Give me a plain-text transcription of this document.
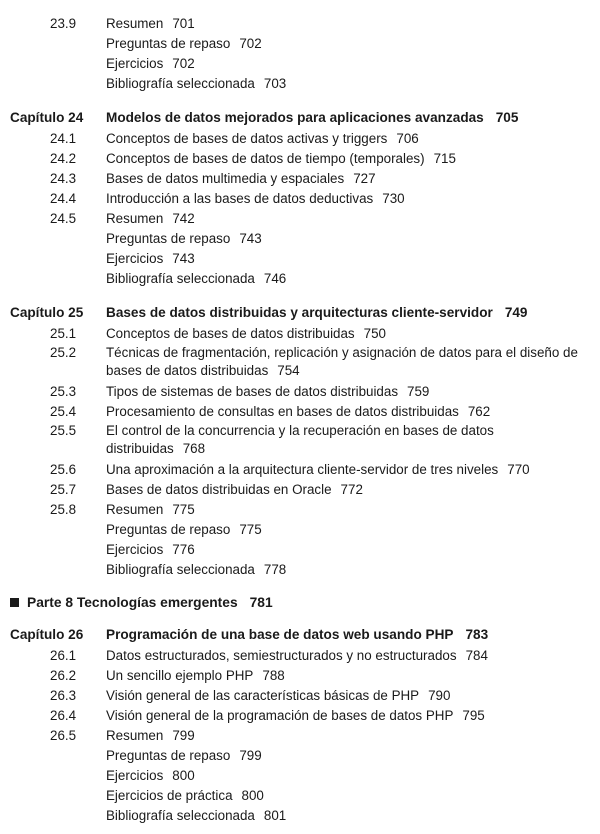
23.9 Resumen 701
Preguntas de repaso 702
Ejercicios 702
Bibliografía seleccionada 703
Capítulo 24 Modelos de datos mejorados para aplicaciones avanzadas 705
24.1 Conceptos de bases de datos activas y triggers 706
24.2 Conceptos de bases de datos de tiempo (temporales) 715
24.3 Bases de datos multimedia y espaciales 727
24.4 Introducción a las bases de datos deductivas 730
24.5 Resumen 742
Preguntas de repaso 743
Ejercicios 743
Bibliografía seleccionada 746
Capítulo 25 Bases de datos distribuidas y arquitecturas cliente-servidor 749
25.1 Conceptos de bases de datos distribuidas 750
25.2 Técnicas de fragmentación, replicación y asignación de datos para el diseño de bases de datos distribuidas 754
25.3 Tipos de sistemas de bases de datos distribuidas 759
25.4 Procesamiento de consultas en bases de datos distribuidas 762
25.5 El control de la concurrencia y la recuperación en bases de datos distribuidas 768
25.6 Una aproximación a la arquitectura cliente-servidor de tres niveles 770
25.7 Bases de datos distribuidas en Oracle 772
25.8 Resumen 775
Preguntas de repaso 775
Ejercicios 776
Bibliografía seleccionada 778
Parte 8 Tecnologías emergentes 781
Capítulo 26 Programación de una base de datos web usando PHP 783
26.1 Datos estructurados, semiestructurados y no estructurados 784
26.2 Un sencillo ejemplo PHP 788
26.3 Visión general de las características básicas de PHP 790
26.4 Visión general de la programación de bases de datos PHP 795
26.5 Resumen 799
Preguntas de repaso 799
Ejercicios 800
Ejercicios de práctica 800
Bibliografía seleccionada 801
